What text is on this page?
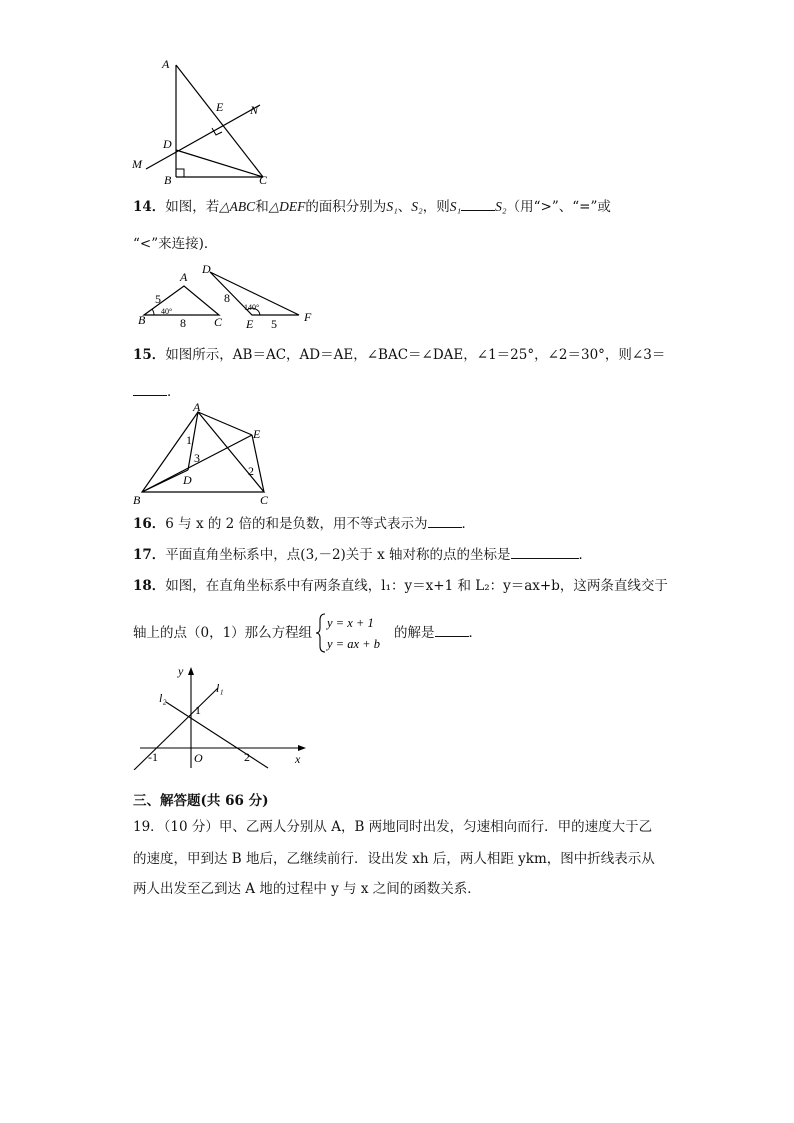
A
E N
D
M
B	C
14．如图，若△ABC和△DEF的面积分别为S₁、S₂，则S₁	S₂（用“>”、“=”或
“<”来连接)．
A
B	C
D
E	F
5
8
40°
8
5
140°
15．如图所示，AB＝AC，AD＝AE，∠BAC＝∠DAE，∠1＝25°，∠2＝30°，则∠3＝
．
A
E
B	C
D
1
3
2
16．6 与 x 的 2 倍的和是负数，用不等式表示为	．
17．平面直角坐标系中，点(3,－2)关于 x 轴对称的点的坐标是	．
18．如图，在直角坐标系中有两条直线，l₁：y＝x+1 和 L₂：y＝ax+b，这两条直线交于
轴上的点（0，1）那么方程组
y = x + 1
y = ax + b
的解是	．
y
x
l₁
l₂
1
O
-1	2
三、解答题(共 66 分)
19．（10 分）甲、乙两人分别从 A，B 两地同时出发，匀速相向而行．甲的速度大于乙
的速度，甲到达 B 地后，乙继续前行．设出发 xh 后，两人相距 ykm，图中折线表示从
两人出发至乙到达 A 地的过程中 y 与 x 之间的函数关系．
